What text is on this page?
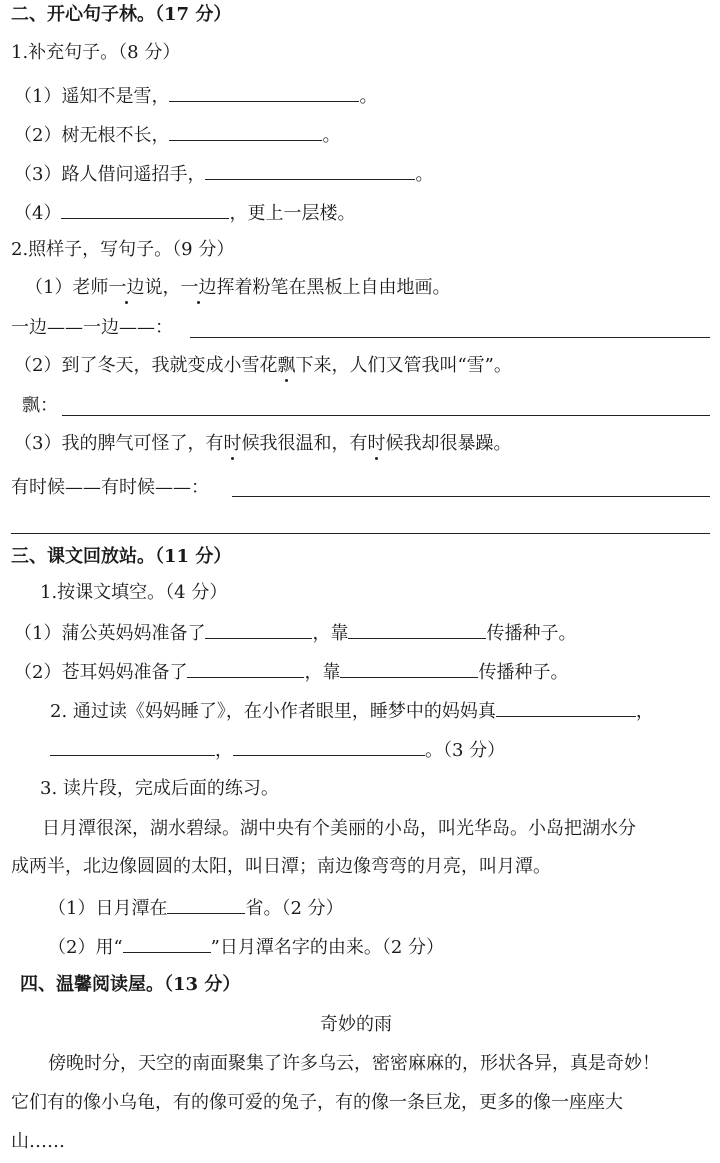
二、开心句子林。（17 分）
1.补充句子。（8 分）
（1）遥知不是雪，	。
（2）树无根不长，	。
（3）路人借问遥招手，	。
（4）	，更上一层楼。
2.照样子，写句子。（9 分）
（1）老师一边说，一边挥着粉笔在黑板上自由地画。
一边——一边——：
（2）到了冬天，我就变成小雪花飘下来，人们又管我叫“雪”。
飘：
（3）我的脾气可怪了，有时候我很温和，有时候我却很暴躁。
有时候——有时候——：
三、课文回放站。（11 分）
1.按课文填空。（4 分）
（1）蒲公英妈妈准备了	，靠	传播种子。
（2）苍耳妈妈准备了	，靠	传播种子。
2. 通过读《妈妈睡了》，在小作者眼里，睡梦中的妈妈真	，
，	。（3 分）
3. 读片段，完成后面的练习。
日月潭很深，湖水碧绿。湖中央有个美丽的小岛，叫光华岛。小岛把湖水分
成两半，北边像圆圆的太阳，叫日潭；南边像弯弯的月亮，叫月潭。
（1）日月潭在	省。（2 分）
（2）用“	”日月潭名字的由来。（2 分）
四、温馨阅读屋。（13 分）
奇妙的雨
傍晚时分，天空的南面聚集了许多乌云，密密麻麻的，形状各异，真是奇妙！
它们有的像小乌龟，有的像可爱的兔子，有的像一条巨龙，更多的像一座座大
山……
